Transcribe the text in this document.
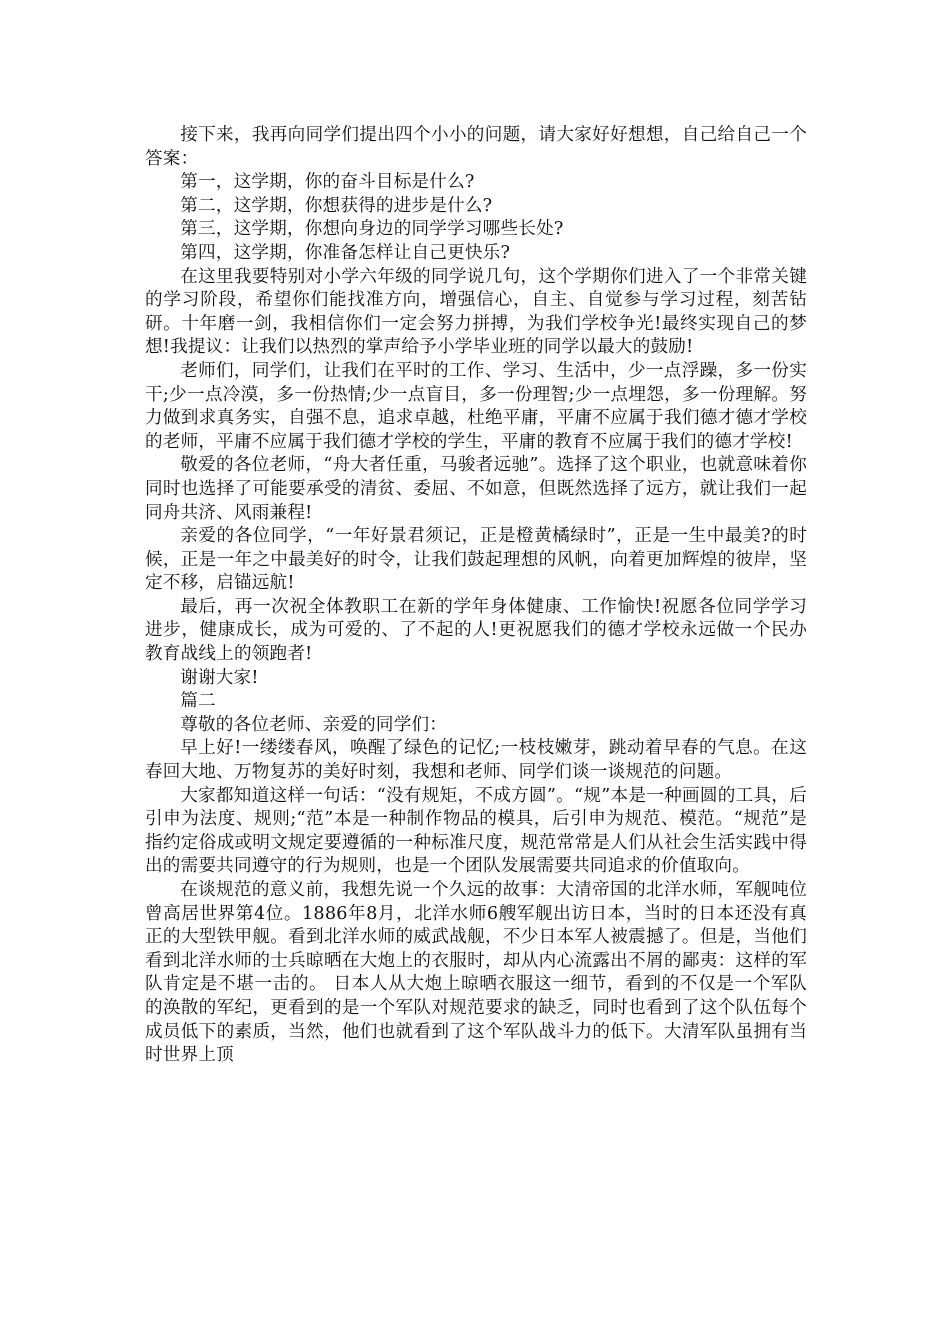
接下来，我再向同学们提出四个小小的问题，请大家好好想想，自己给自己一个答案：

第一，这学期，你的奋斗目标是什么?

第二，这学期，你想获得的进步是什么?

第三，这学期，你想向身边的同学学习哪些长处?

第四，这学期，你准备怎样让自己更快乐?

在这里我要特别对小学六年级的同学说几句，这个学期你们进入了一个非常关键的学习阶段，希望你们能找准方向，增强信心，自主、自觉参与学习过程，刻苦钻研。十年磨一剑，我相信你们一定会努力拼搏，为我们学校争光!最终实现自己的梦想!我提议：让我们以热烈的掌声给予小学毕业班的同学以最大的鼓励!

老师们，同学们，让我们在平时的工作、学习、生活中，少一点浮躁，多一份实干;少一点冷漠，多一份热情;少一点盲目，多一份理智;少一点埋怨，多一份理解。努力做到求真务实，自强不息，追求卓越，杜绝平庸，平庸不应属于我们德才德才学校的老师，平庸不应属于我们德才学校的学生，平庸的教育不应属于我们的德才学校!

敬爱的各位老师，“舟大者任重，马骏者远驰”。选择了这个职业，也就意味着你同时也选择了可能要承受的清贫、委屈、不如意，但既然选择了远方，就让我们一起同舟共济、风雨兼程!

亲爱的各位同学，“一年好景君须记，正是橙黄橘绿时”，正是一生中最美?的时候，正是一年之中最美好的时令，让我们鼓起理想的风帆，向着更加辉煌的彼岸，坚定不移，启锚远航!

最后，再一次祝全体教职工在新的学年身体健康、工作愉快!祝愿各位同学学习进步，健康成长，成为可爱的、了不起的人!更祝愿我们的德才学校永远做一个民办教育战线上的领跑者!

谢谢大家!

篇二

尊敬的各位老师、亲爱的同学们：

早上好!一缕缕春风，唤醒了绿色的记忆;一枝枝嫩芽，跳动着早春的气息。在这春回大地、万物复苏的美好时刻，我想和老师、同学们谈一谈规范的问题。

大家都知道这样一句话：“没有规矩，不成方圆”。“规”本是一种画圆的工具，后引申为法度、规则;“范”本是一种制作物品的模具，后引申为规范、模范。“规范”是指约定俗成或明文规定要遵循的一种标准尺度，规范常常是人们从社会生活实践中得出的需要共同遵守的行为规则，也是一个团队发展需要共同追求的价值取向。

在谈规范的意义前，我想先说一个久远的故事：大清帝国的北洋水师，军舰吨位曾高居世界第4位。1886年8月，北洋水师6艘军舰出访日本，当时的日本还没有真正的大型铁甲舰。看到北洋水师的威武战舰，不少日本军人被震撼了。但是，当他们看到北洋水师的士兵晾晒在大炮上的衣服时，却从内心流露出不屑的鄙夷：这样的军队肯定是不堪一击的。 日本人从大炮上晾晒衣服这一细节，看到的不仅是一个军队的涣散的军纪，更看到的是一个军队对规范要求的缺乏，同时也看到了这个队伍每个成员低下的素质，当然，他们也就看到了这个军队战斗力的低下。大清军队虽拥有当时世界上顶
